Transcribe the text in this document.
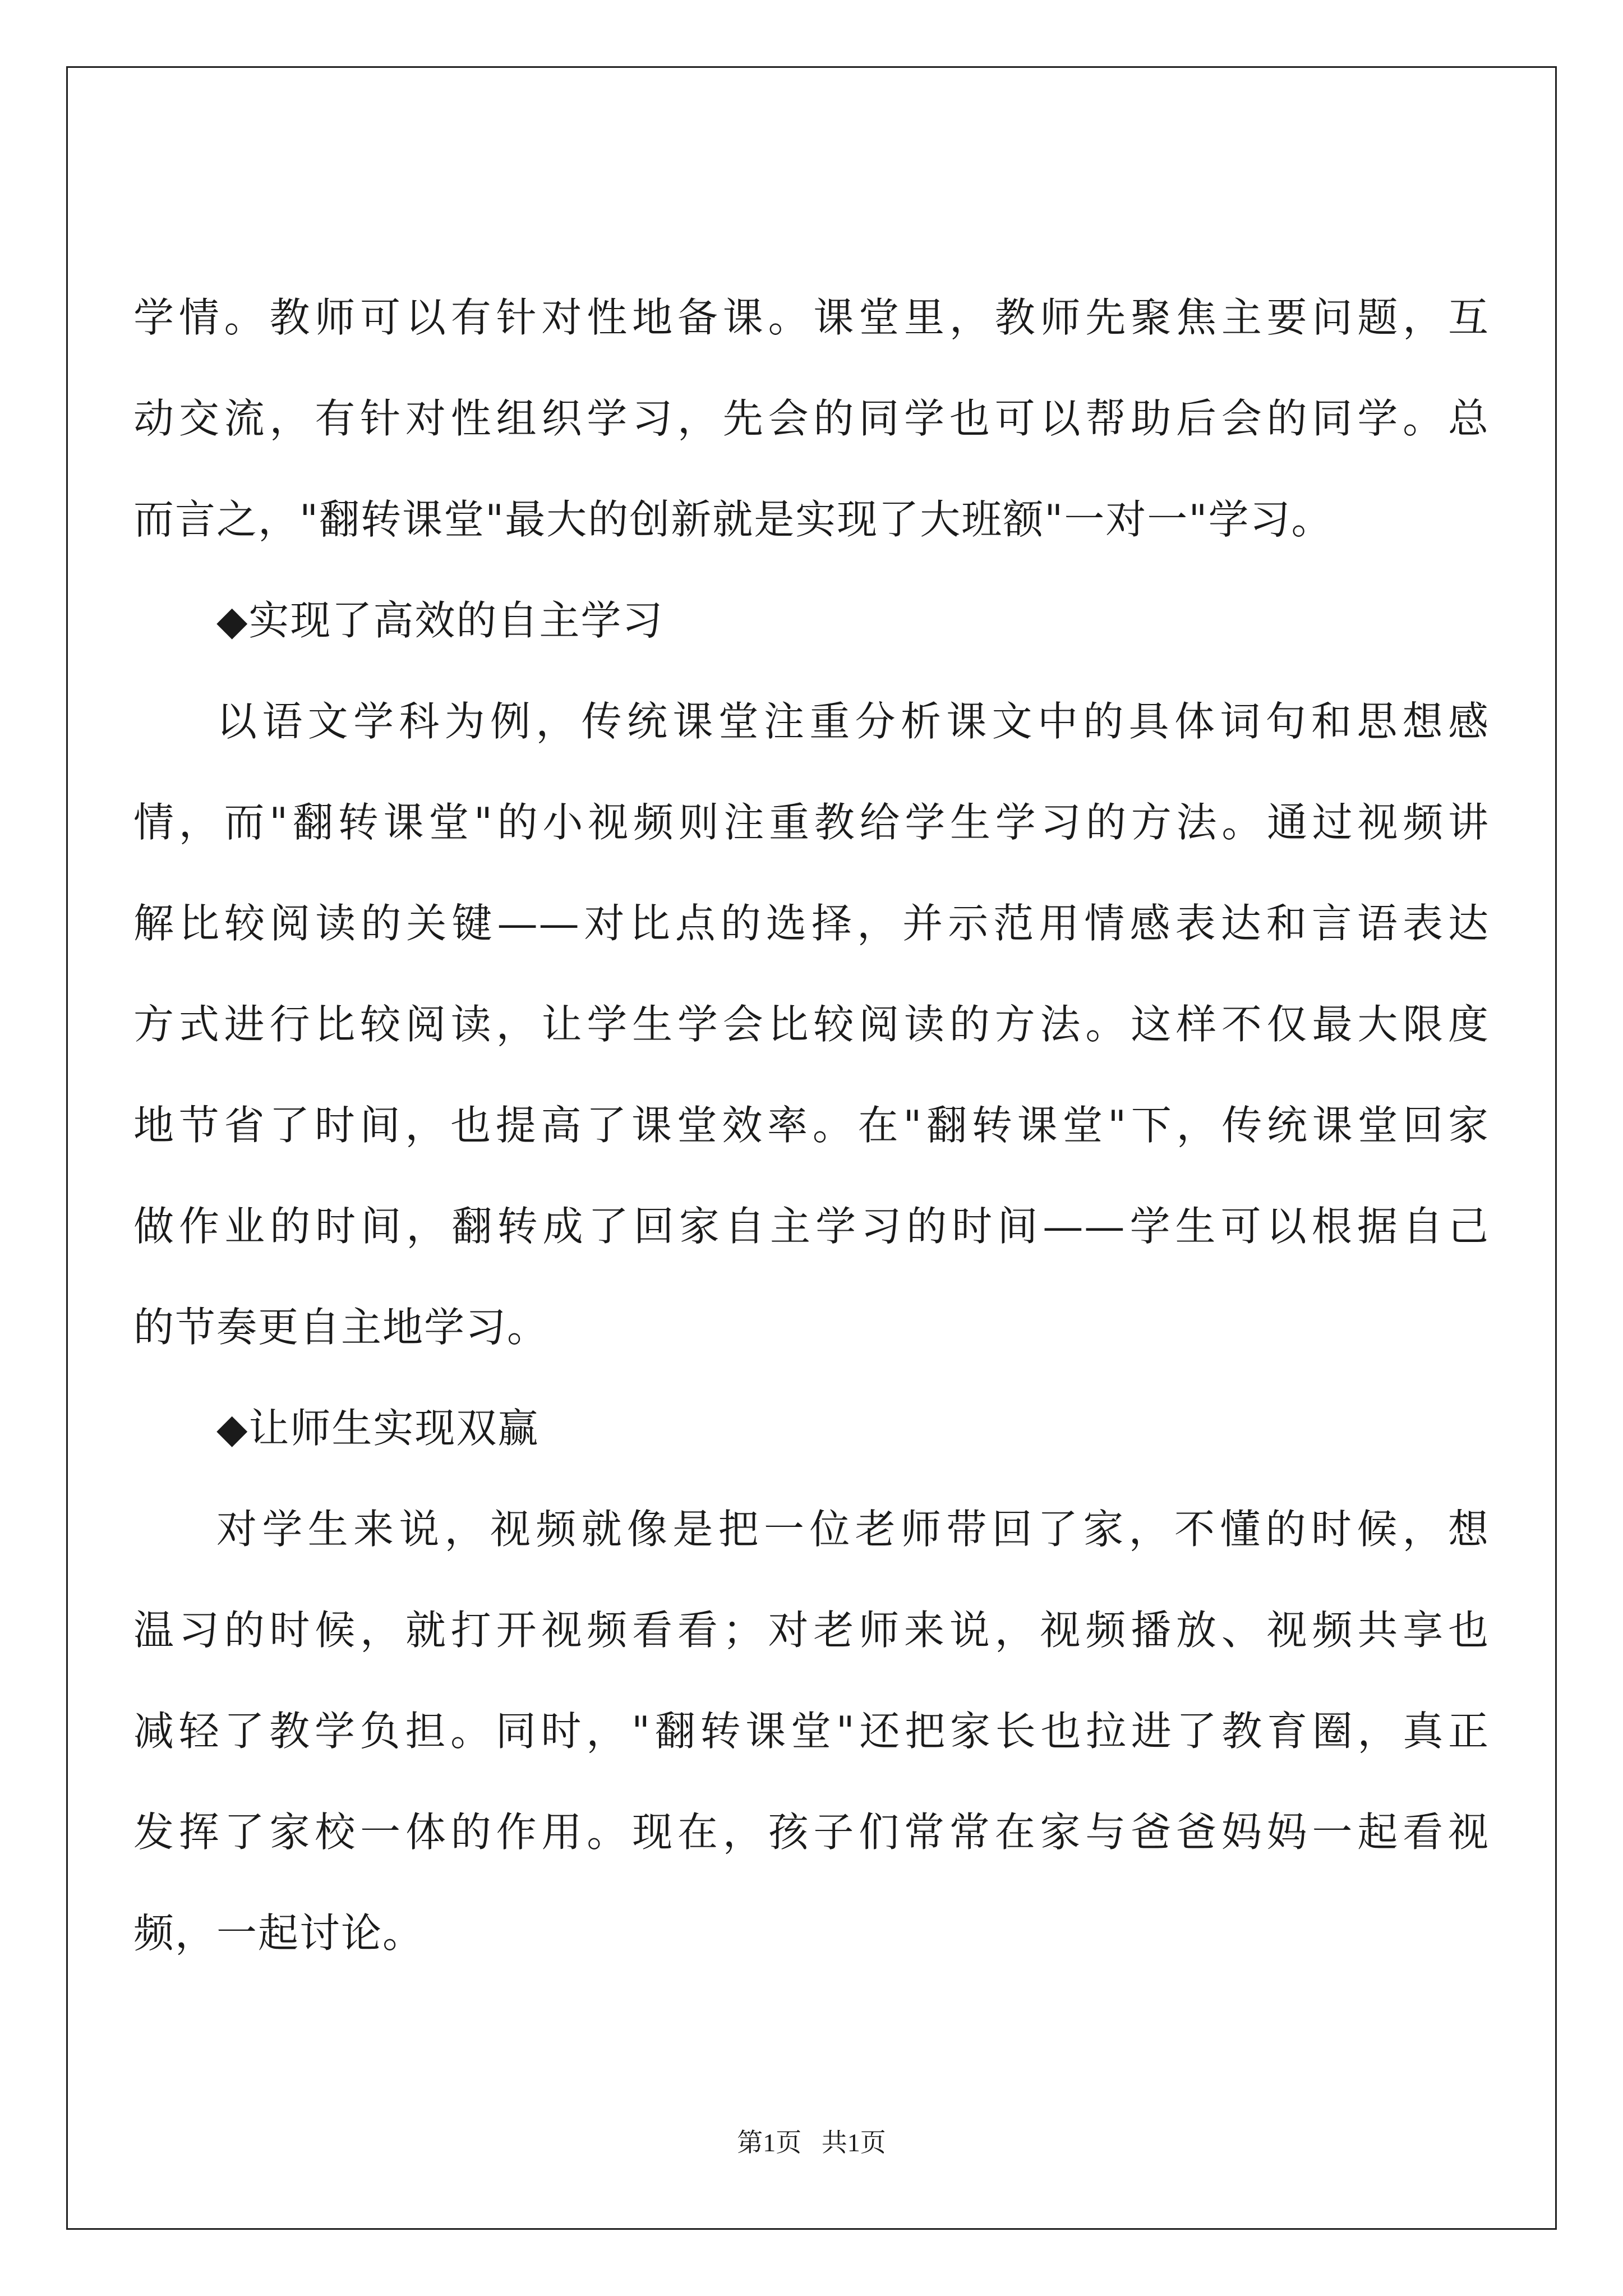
学情。教师可以有针对性地备课。课堂里，教师先聚焦主要问题，互
动交流，有针对性组织学习，先会的同学也可以帮助后会的同学。总
而言之，"翻转课堂"最大的创新就是实现了大班额"一对一"学习。
◆实现了高效的自主学习
以语文学科为例，传统课堂注重分析课文中的具体词句和思想感
情，而"翻转课堂"的小视频则注重教给学生学习的方法。通过视频讲
解比较阅读的关键——对比点的选择，并示范用情感表达和言语表达
方式进行比较阅读，让学生学会比较阅读的方法。这样不仅最大限度
地节省了时间，也提高了课堂效率。在"翻转课堂"下，传统课堂回家
做作业的时间，翻转成了回家自主学习的时间——学生可以根据自己
的节奏更自主地学习。
◆让师生实现双赢
对学生来说，视频就像是把一位老师带回了家，不懂的时候，想
温习的时候，就打开视频看看；对老师来说，视频播放、视频共享也
减轻了教学负担。同时，"翻转课堂"还把家长也拉进了教育圈，真正
发挥了家校一体的作用。现在，孩子们常常在家与爸爸妈妈一起看视
频，一起讨论。
第1页 共1页
